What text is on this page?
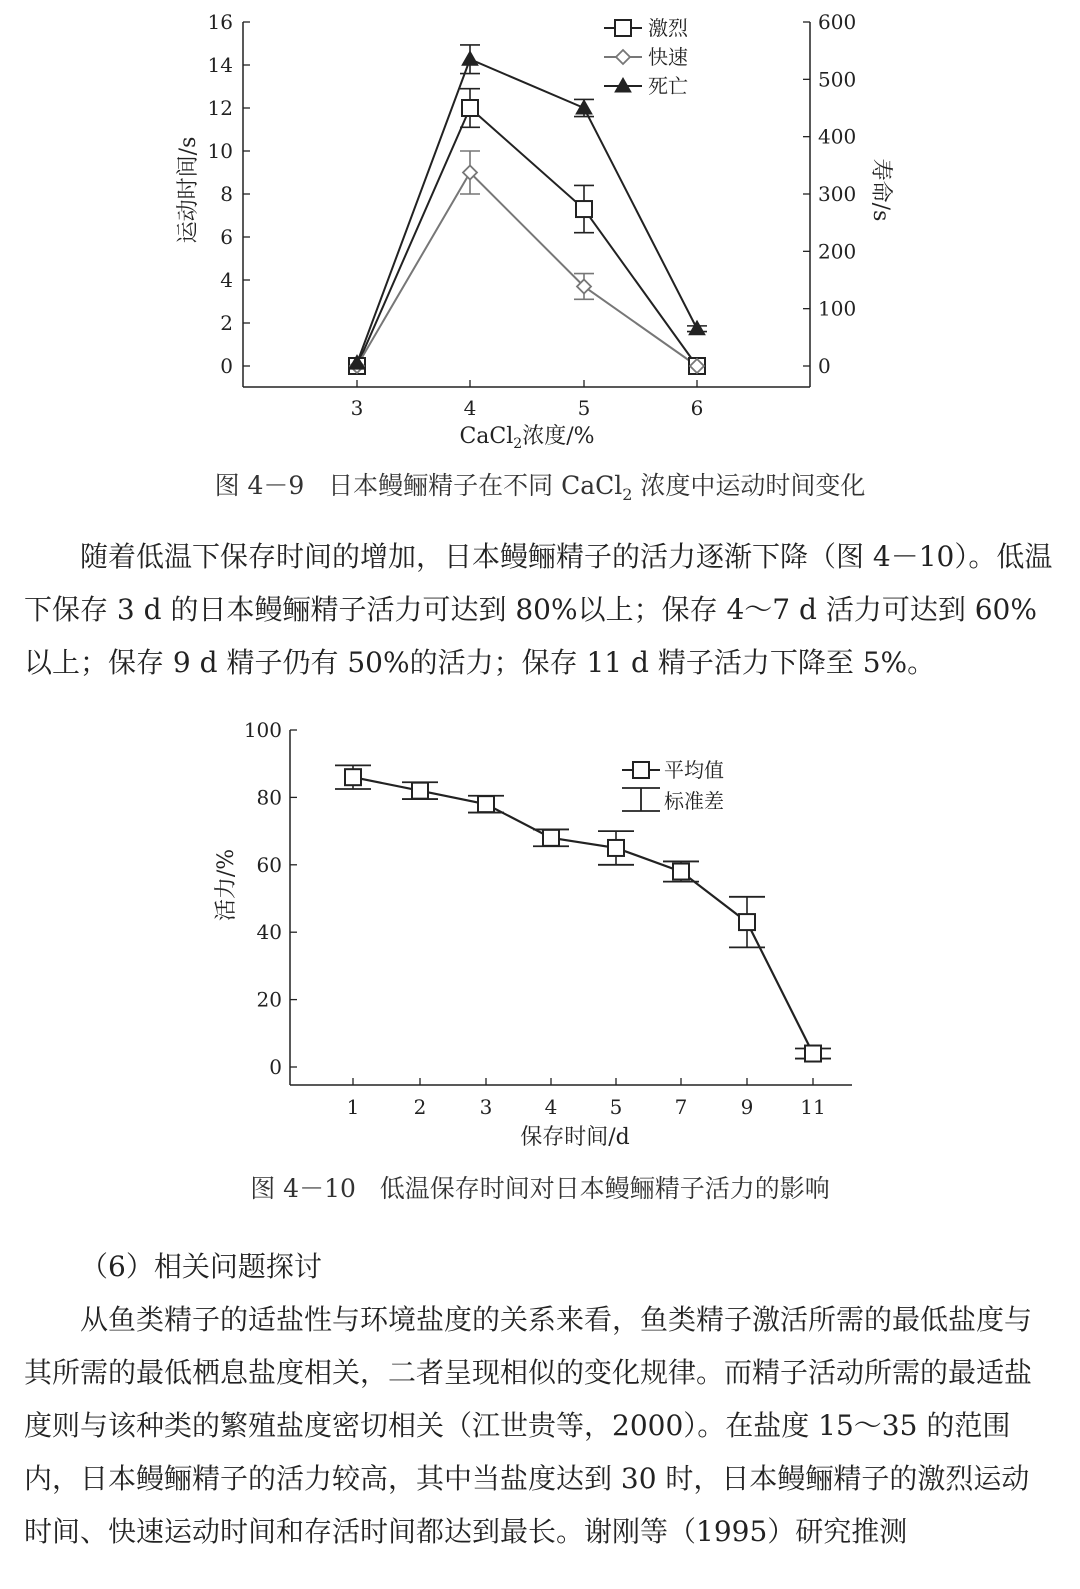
0
2
4
6
8
10
12
14
16
0
100
200
300
400
500
600
3	4	5	6
激烈
快速
死亡
CaCl$_2$浓度/%
运动时间/s	寿命/s
图 4－9 日本鳗鲡精子在不同 CaCl$_2$ 浓度中运动时间变化

随着低温下保存时间的增加，日本鳗鲡精子的活力逐渐下降（图 4－10）。低温下保存 3 d 的日本鳗鲡精子活力可达到 80%以上；保存 4～7 d 活力可达到 60%以上；保存 9 d 精子仍有 50%的活力；保存 11 d 精子活力下降至 5%。

0
20
40
60
80
100
1	2	3	4	5	7	9 11
平均值
标准差
保存时间/d
活力/%
图 4－10 低温保存时间对日本鳗鲡精子活力的影响

（6）相关问题探讨

从鱼类精子的适盐性与环境盐度的关系来看，鱼类精子激活所需的最低盐度与其所需的最低栖息盐度相关，二者呈现相似的变化规律。而精子活动所需的最适盐度则与该种类的繁殖盐度密切相关（江世贵等，2000）。在盐度 15～35 的范围内，日本鳗鲡精子的活力较高，其中当盐度达到 30 时，日本鳗鲡精子的激烈运动时间、快速运动时间和存活时间都达到最长。谢刚等（1995）研究推测
